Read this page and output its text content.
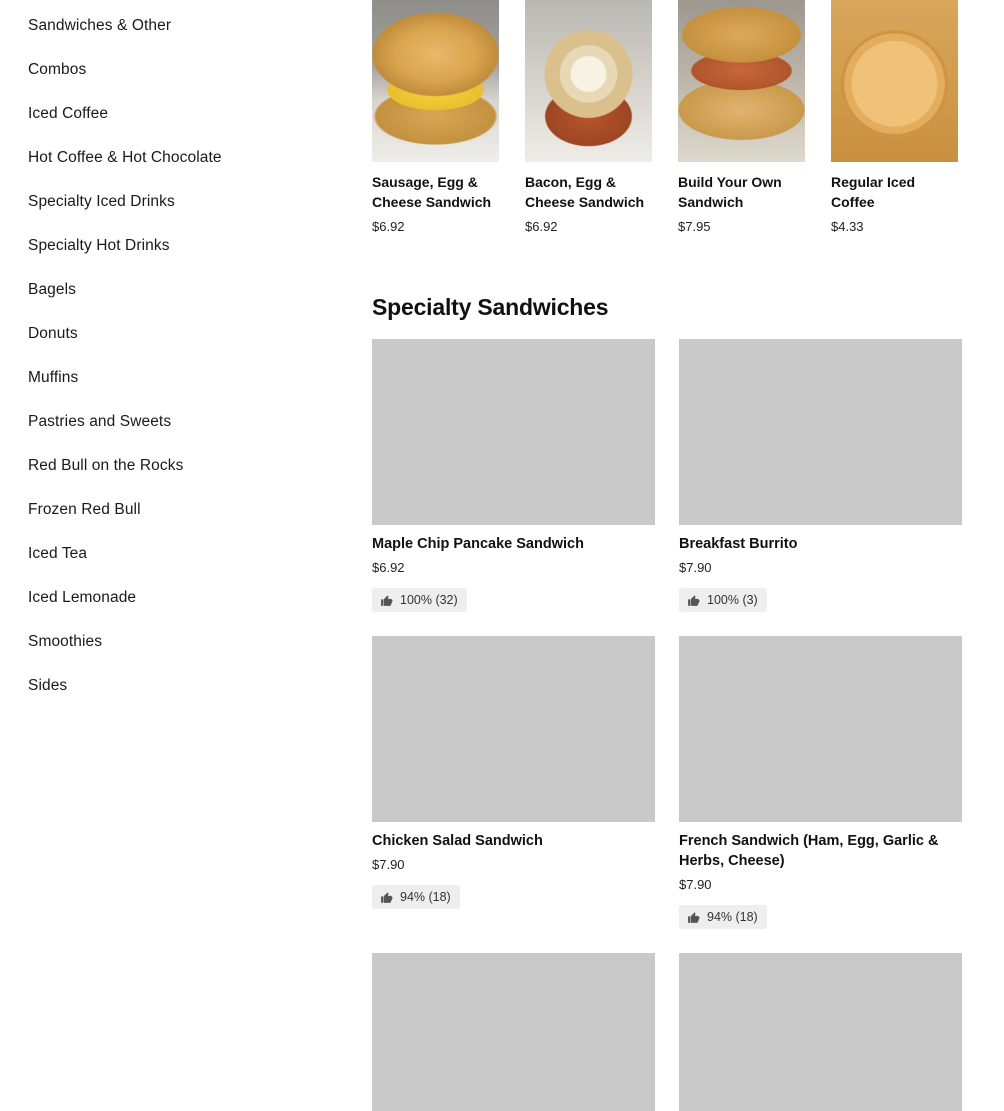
Sandwiches & Other
Combos
Iced Coffee
Hot Coffee & Hot Chocolate
Specialty Iced Drinks
Specialty Hot Drinks
Bagels
Donuts
Muffins
Pastries and Sweets
Red Bull on the Rocks
Frozen Red Bull
Iced Tea
Iced Lemonade
Smoothies
Sides
Sausage, Egg & Cheese Sandwich
$6.92
Bacon, Egg & Cheese Sandwich
$6.92
Build Your Own Sandwich
$7.95
Regular Iced Coffee
$4.33
Specialty Sandwiches
Maple Chip Pancake Sandwich
$6.92
100% (32)
Breakfast Burrito
$7.90
100% (3)
Chicken Salad Sandwich
$7.90
94% (18)
French Sandwich (Ham, Egg, Garlic & Herbs, Cheese)
$7.90
94% (18)
